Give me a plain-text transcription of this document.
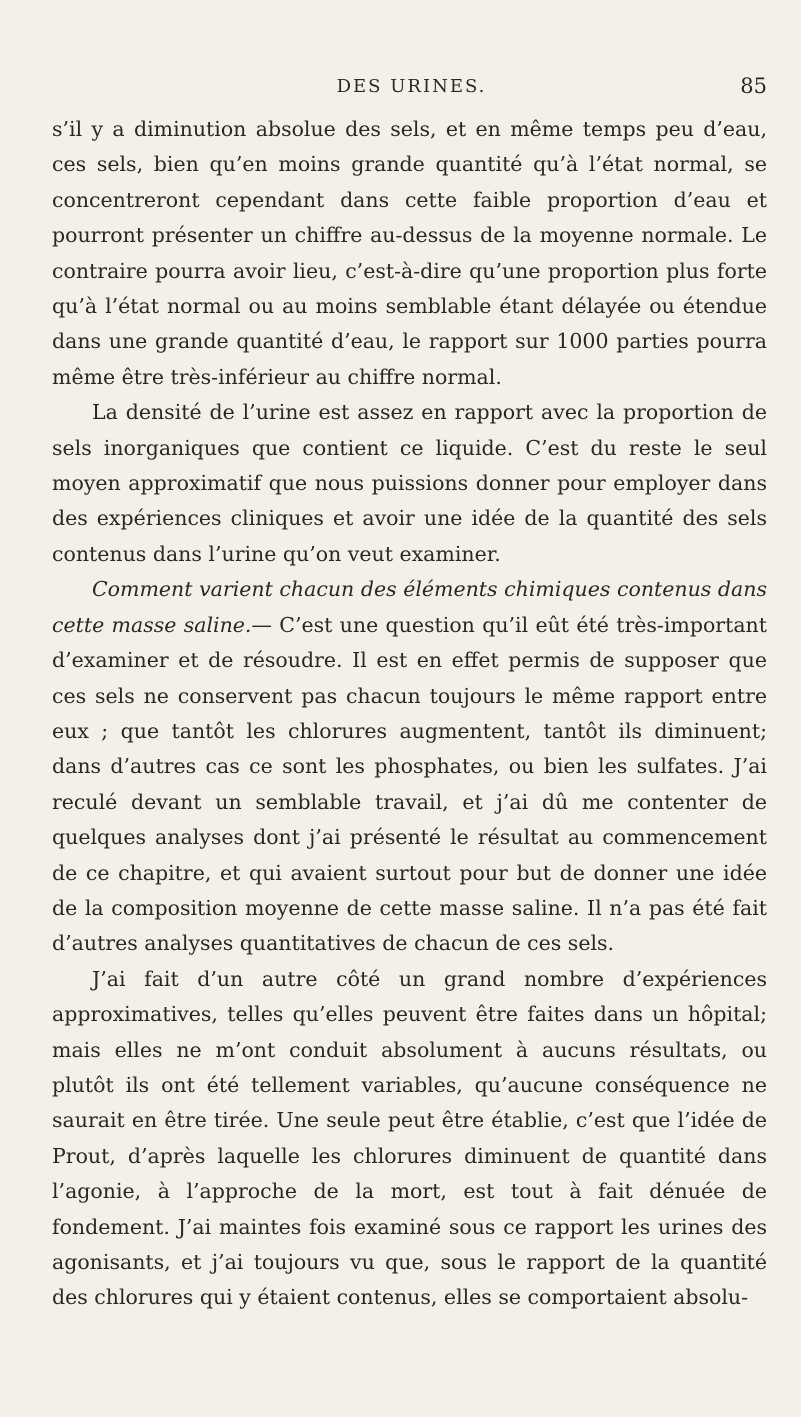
DES URINES.	85

s’il y a diminution absolue des sels, et en même temps peu d’eau, ces sels, bien qu’en moins grande quantité qu’à l’état normal, se concentreront cependant dans cette faible proportion d’eau et pourront présenter un chiffre au-dessus de la moyenne normale. Le contraire pourra avoir lieu, c’est-à-dire qu’une proportion plus forte qu’à l’état normal ou au moins semblable étant délayée ou étendue dans une grande quantité d’eau, le rapport sur 1000 parties pourra même être très-inférieur au chiffre normal.

La densité de l’urine est assez en rapport avec la proportion de sels inorganiques que contient ce liquide. C’est du reste le seul moyen approximatif que nous puissions donner pour employer dans des expériences cliniques et avoir une idée de la quantité des sels contenus dans l’urine qu’on veut examiner.

Comment varient chacun des éléments chimiques contenus dans cette masse saline.— C’est une question qu’il eût été très-important d’examiner et de résoudre. Il est en effet permis de supposer que ces sels ne conservent pas chacun toujours le même rapport entre eux ; que tantôt les chlorures augmentent, tantôt ils diminuent; dans d’autres cas ce sont les phosphates, ou bien les sulfates. J’ai reculé devant un semblable travail, et j’ai dû me contenter de quelques analyses dont j’ai présenté le résultat au commencement de ce chapitre, et qui avaient surtout pour but de donner une idée de la composition moyenne de cette masse saline. Il n’a pas été fait d’autres analyses quantitatives de chacun de ces sels.

J’ai fait d’un autre côté un grand nombre d’expériences approximatives, telles qu’elles peuvent être faites dans un hôpital; mais elles ne m’ont conduit absolument à aucuns résultats, ou plutôt ils ont été tellement variables, qu’aucune conséquence ne saurait en être tirée. Une seule peut être établie, c’est que l’idée de Prout, d’après laquelle les chlorures diminuent de quantité dans l’agonie, à l’approche de la mort, est tout à fait dénuée de fondement. J’ai maintes fois examiné sous ce rapport les urines des agonisants, et j’ai toujours vu que, sous le rapport de la quantité des chlorures qui y étaient contenus, elles se comportaient absolu-
